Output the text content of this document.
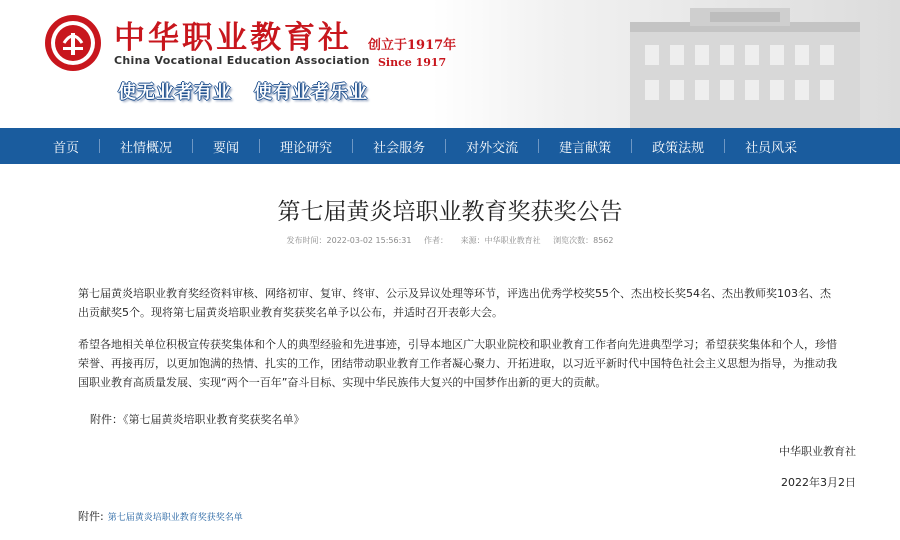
中华职业教育社
China Vocational Education Association
创立于1917年
Since 1917
使无业者有业 使有业者乐业
首页	社情概况	要闻	理论研究	社会服务	对外交流	建言献策	政策法规	社员风采
第七届黄炎培职业教育奖获奖公告
发布时间：2022-03-02 15:56:31 作者： 来源：中华职业教育社 浏览次数：8562

第七届黄炎培职业教育奖经资料审核、网络初审、复审、终审、公示及异议处理等环节，评选出优秀学校奖55个、杰出校长奖54名、杰出教师奖103名、杰出贡献奖5个。现将第七届黄炎培职业教育奖获奖名单予以公布，并适时召开表彰大会。

希望各地相关单位积极宣传获奖集体和个人的典型经验和先进事迹，引导本地区广大职业院校和职业教育工作者向先进典型学习；希望获奖集体和个人，珍惜荣誉、再接再厉，以更加饱满的热情、扎实的工作，团结带动职业教育工作者凝心聚力、开拓进取，以习近平新时代中国特色社会主义思想为指导，为推动我国职业教育高质量发展、实现“两个一百年”奋斗目标、实现中华民族伟大复兴的中国梦作出新的更大的贡献。

附件：《第七届黄炎培职业教育奖获奖名单》
中华职业教育社
2022年3月2日
附件: 第七届黄炎培职业教育奖获奖名单
